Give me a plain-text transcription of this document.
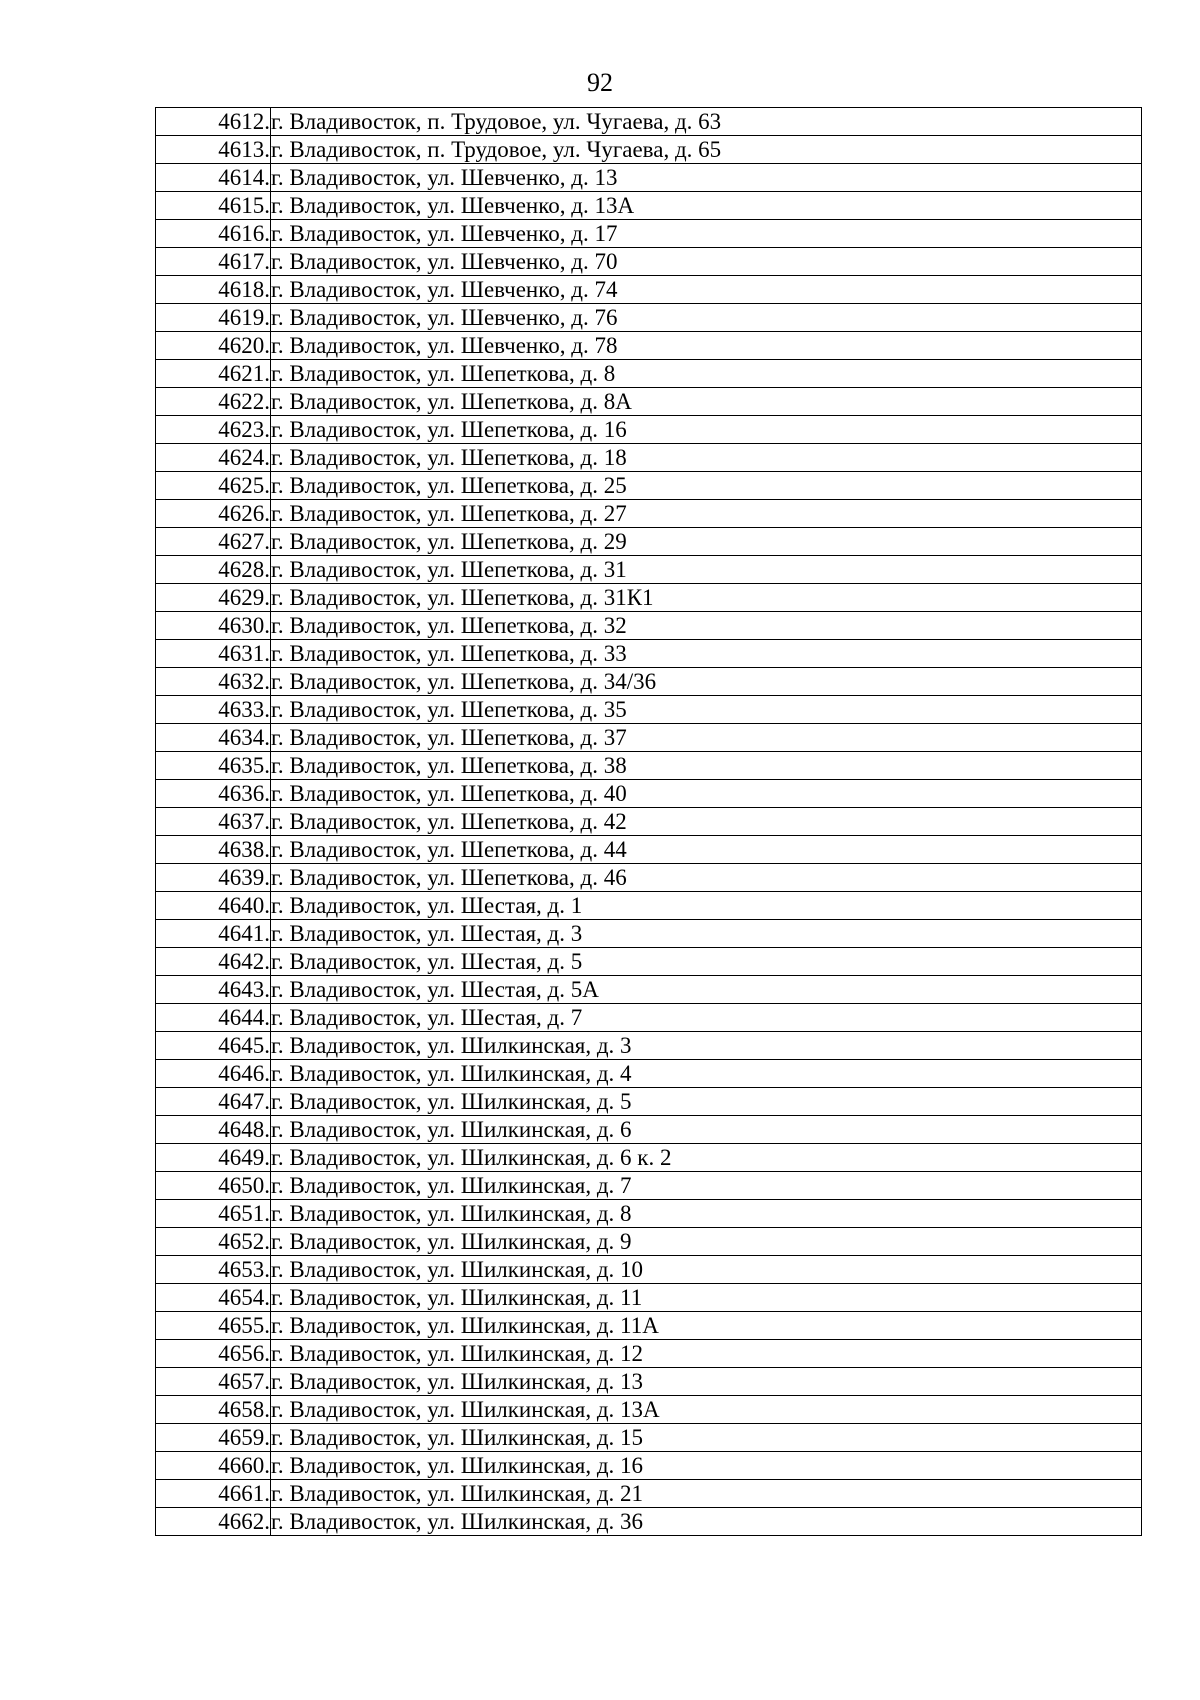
92
4612.	г. Владивосток, п. Трудовое, ул. Чугаева, д. 63
4613.	г. Владивосток, п. Трудовое, ул. Чугаева, д. 65
4614.	г. Владивосток, ул. Шевченко, д. 13
4615.	г. Владивосток, ул. Шевченко, д. 13А
4616.	г. Владивосток, ул. Шевченко, д. 17
4617.	г. Владивосток, ул. Шевченко, д. 70
4618.	г. Владивосток, ул. Шевченко, д. 74
4619.	г. Владивосток, ул. Шевченко, д. 76
4620.	г. Владивосток, ул. Шевченко, д. 78
4621.	г. Владивосток, ул. Шепеткова, д. 8
4622.	г. Владивосток, ул. Шепеткова, д. 8А
4623.	г. Владивосток, ул. Шепеткова, д. 16
4624.	г. Владивосток, ул. Шепеткова, д. 18
4625.	г. Владивосток, ул. Шепеткова, д. 25
4626.	г. Владивосток, ул. Шепеткова, д. 27
4627.	г. Владивосток, ул. Шепеткова, д. 29
4628.	г. Владивосток, ул. Шепеткова, д. 31
4629.	г. Владивосток, ул. Шепеткова, д. 31К1
4630.	г. Владивосток, ул. Шепеткова, д. 32
4631.	г. Владивосток, ул. Шепеткова, д. 33
4632.	г. Владивосток, ул. Шепеткова, д. 34/36
4633.	г. Владивосток, ул. Шепеткова, д. 35
4634.	г. Владивосток, ул. Шепеткова, д. 37
4635.	г. Владивосток, ул. Шепеткова, д. 38
4636.	г. Владивосток, ул. Шепеткова, д. 40
4637.	г. Владивосток, ул. Шепеткова, д. 42
4638.	г. Владивосток, ул. Шепеткова, д. 44
4639.	г. Владивосток, ул. Шепеткова, д. 46
4640.	г. Владивосток, ул. Шестая, д. 1
4641.	г. Владивосток, ул. Шестая, д. 3
4642.	г. Владивосток, ул. Шестая, д. 5
4643.	г. Владивосток, ул. Шестая, д. 5А
4644.	г. Владивосток, ул. Шестая, д. 7
4645.	г. Владивосток, ул. Шилкинская, д. 3
4646.	г. Владивосток, ул. Шилкинская, д. 4
4647.	г. Владивосток, ул. Шилкинская, д. 5
4648.	г. Владивосток, ул. Шилкинская, д. 6
4649.	г. Владивосток, ул. Шилкинская, д. 6 к. 2
4650.	г. Владивосток, ул. Шилкинская, д. 7
4651.	г. Владивосток, ул. Шилкинская, д. 8
4652.	г. Владивосток, ул. Шилкинская, д. 9
4653.	г. Владивосток, ул. Шилкинская, д. 10
4654.	г. Владивосток, ул. Шилкинская, д. 11
4655.	г. Владивосток, ул. Шилкинская, д. 11А
4656.	г. Владивосток, ул. Шилкинская, д. 12
4657.	г. Владивосток, ул. Шилкинская, д. 13
4658.	г. Владивосток, ул. Шилкинская, д. 13А
4659.	г. Владивосток, ул. Шилкинская, д. 15
4660.	г. Владивосток, ул. Шилкинская, д. 16
4661.	г. Владивосток, ул. Шилкинская, д. 21
4662.	г. Владивосток, ул. Шилкинская, д. 36
